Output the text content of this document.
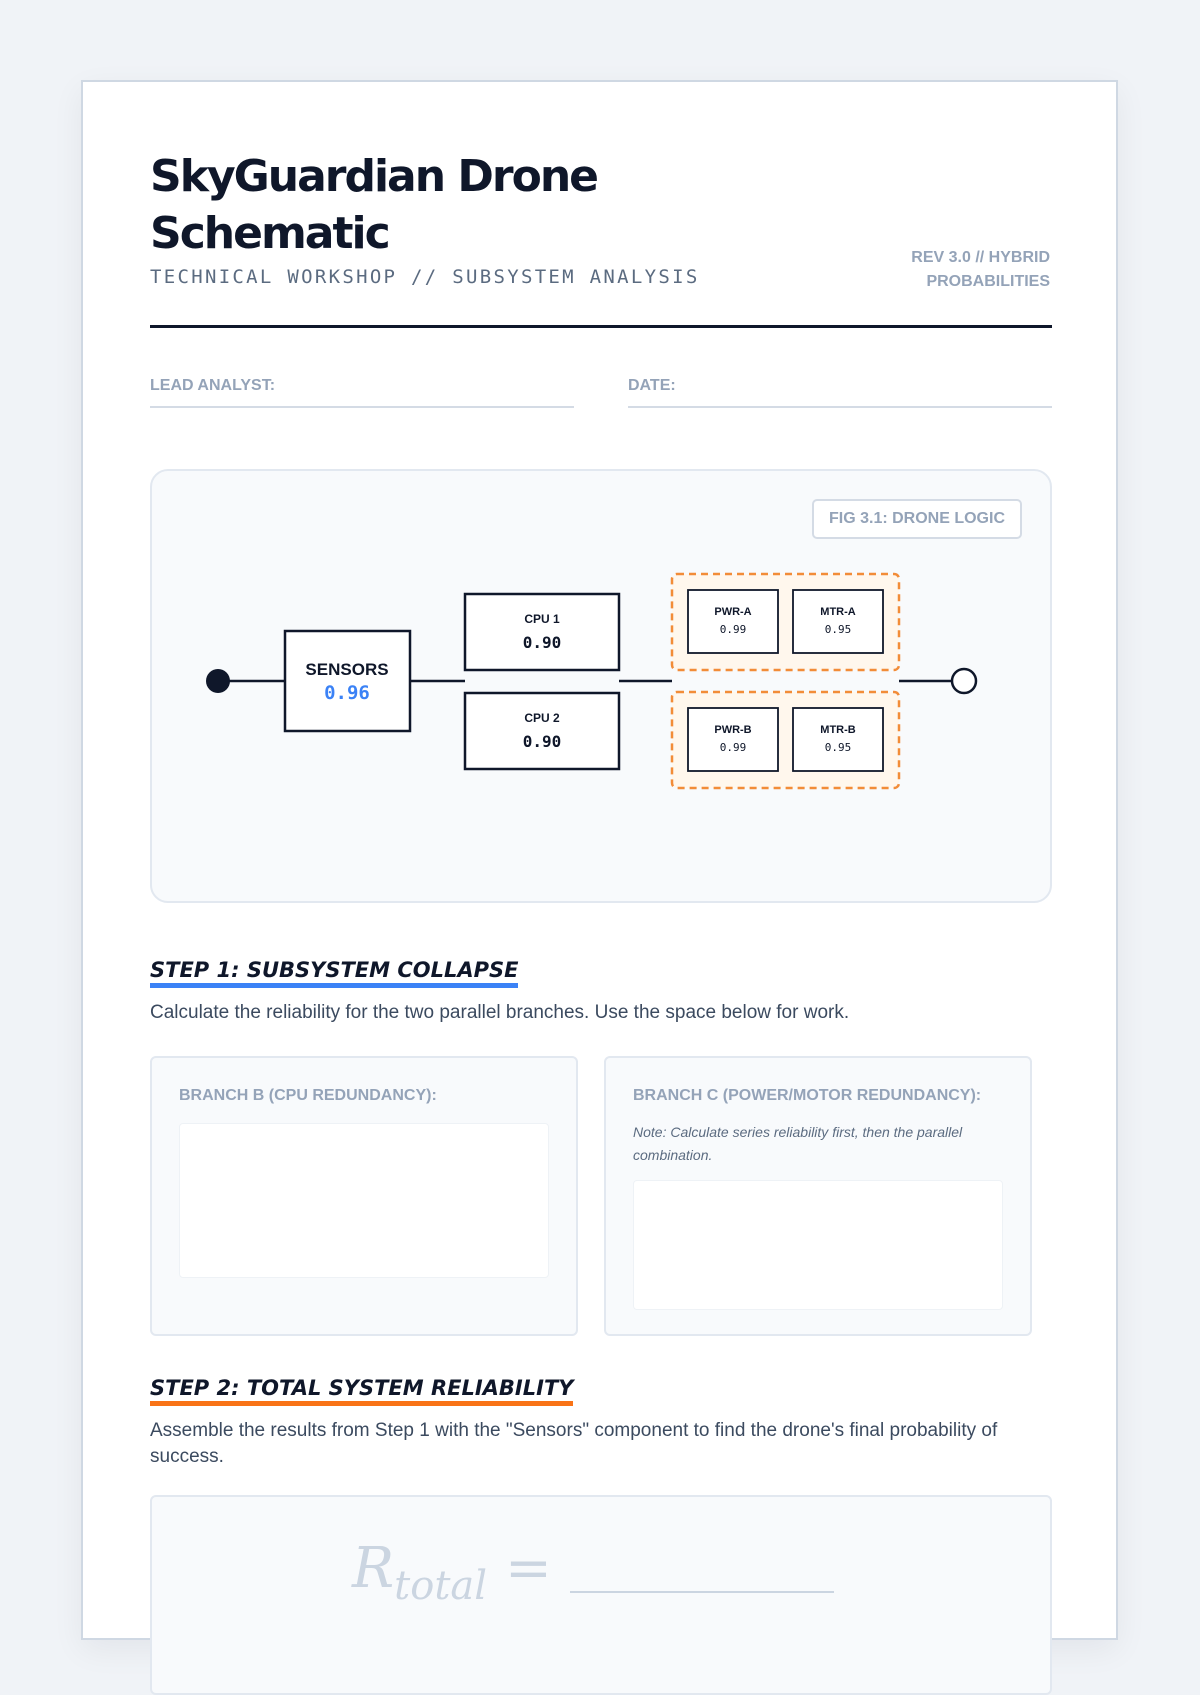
SkyGuardian Drone Schematic
TECHNICAL WORKSHOP // SUBSYSTEM ANALYSIS
REV 3.0 // HYBRID
PROBABILITIES
LEAD ANALYST:	DATE:
FIG 3.1: DRONE LOGIC
SENSORS
0.96
CPU 1
0.90
CPU 2
0.90
PWR-A
0.99
MTR-A
0.95
PWR-B
0.99
MTR-B
0.95
STEP 1: SUBSYSTEM COLLAPSE

Calculate the reliability for the two parallel branches. Use the space below for work.

BRANCH B (CPU REDUNDANCY):	BRANCH C (POWER/MOTOR REDUNDANCY):
Note: Calculate series reliability first, then the parallel combination.
STEP 2: TOTAL SYSTEM RELIABILITY

Assemble the results from Step 1 with the "Sensors" component to find the drone's final probability of success.

$R_{total}$ =
